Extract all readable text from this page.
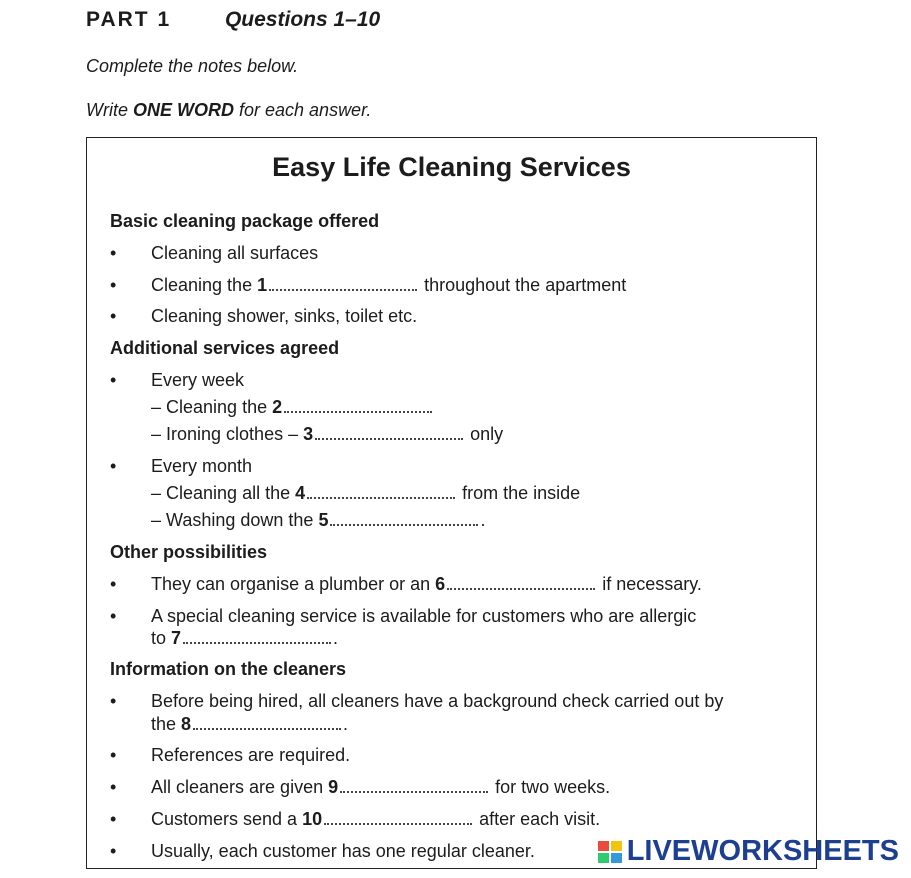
PART 1	Questions 1–10
Complete the notes below.
Write ONE WORD for each answer.
Easy Life Cleaning Services
Basic cleaning package offered
•
Cleaning all surfaces
•
Cleaning the 1	throughout the apartment
•
Cleaning shower, sinks, toilet etc.
Additional services agreed
•
Every week
– Cleaning the 2
– Ironing clothes – 3	only
•
Every month
– Cleaning all the 4	from the inside
– Washing down the 5	.
Other possibilities
•
They can organise a plumber or an 6	if necessary.
•
A special cleaning service is available for customers who are allergic
to 7	.
Information on the cleaners
•
Before being hired, all cleaners have a background check carried out by
the 8	.
•
References are required.
•
All cleaners are given 9	for two weeks.
•
Customers send a 10	after each visit.
•
Usually, each customer has one regular cleaner.	LIVEWORKSHEETS
